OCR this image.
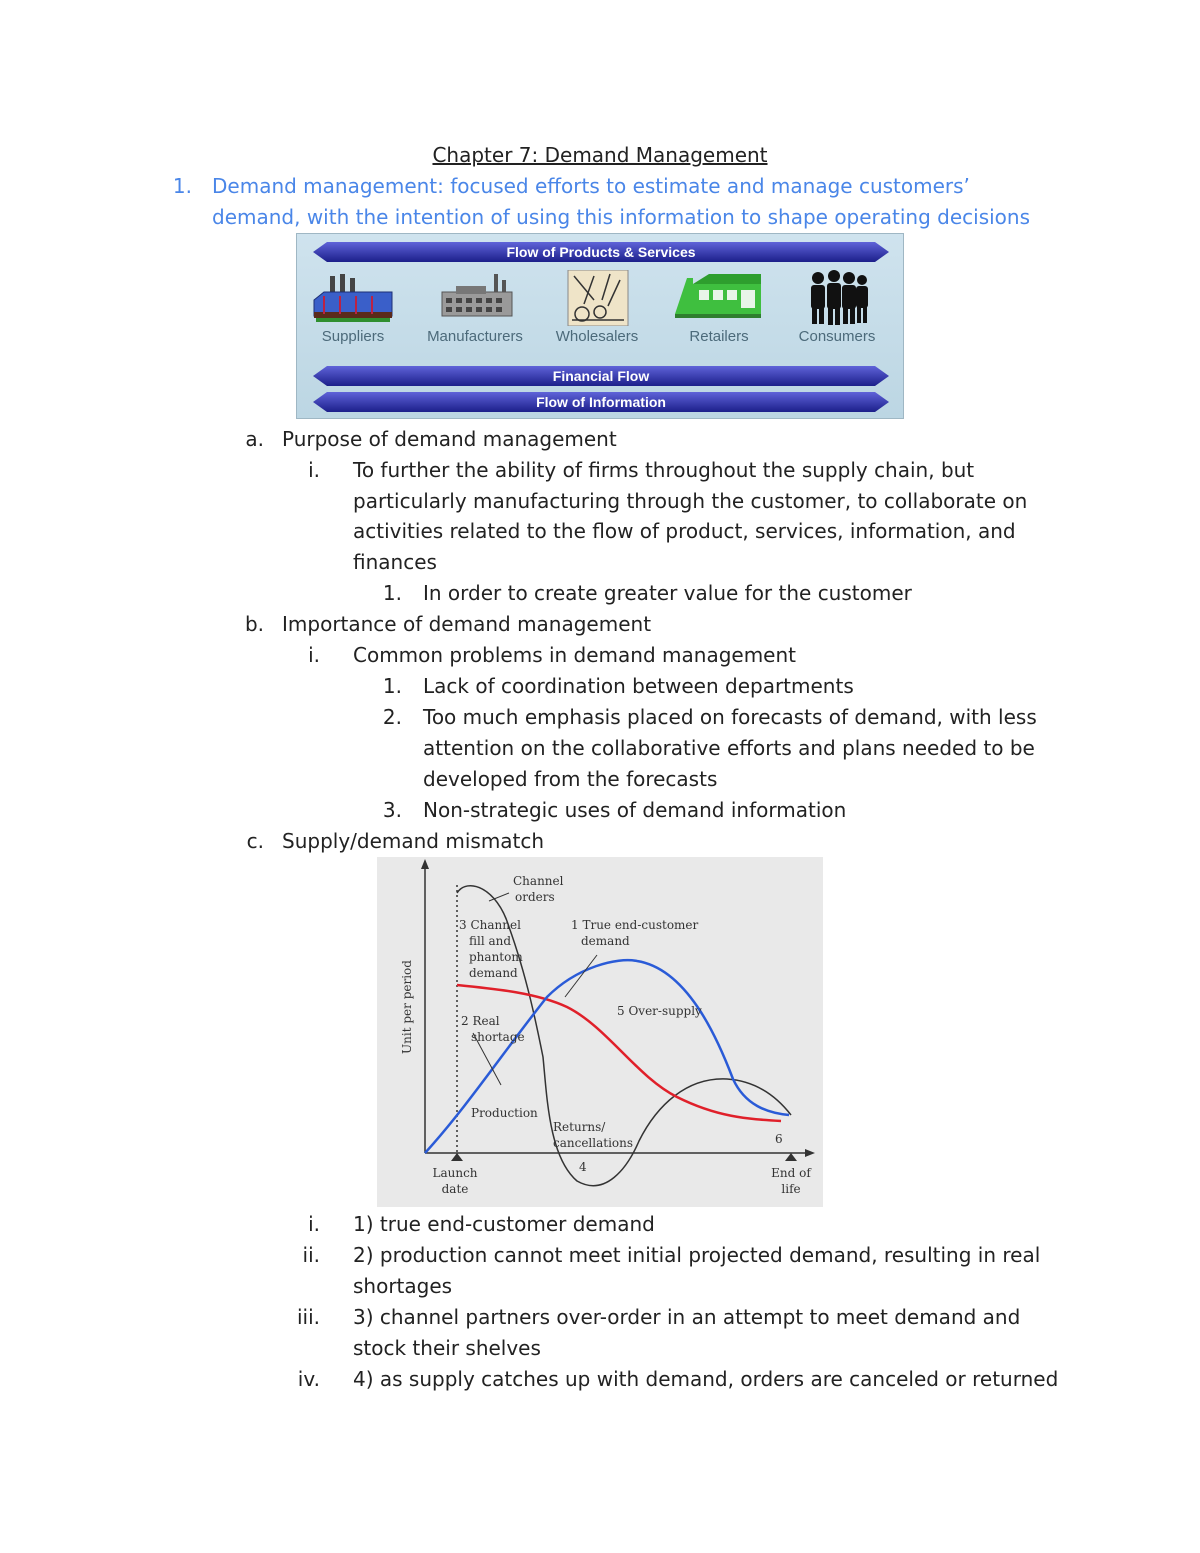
Chapter 7: Demand Management
1. Demand management: focused efforts to estimate and manage customers’
demand, with the intention of using this information to shape operating decisions
Flow of Products & Services
Financial Flow
Flow of Information
Suppliers	Manufacturers	Wholesalers	Retailers	Consumers
a. Purpose of demand management
i. To further the ability of firms throughout the supply chain, but
particularly manufacturing through the customer, to collaborate on
activities related to the flow of product, services, information, and
finances
1. In order to create greater value for the customer
b. Importance of demand management
i. Common problems in demand management
1. Lack of coordination between departments
2. Too much emphasis placed on forecasts of demand, with less
attention on the collaborative efforts and plans needed to be
developed from the forecasts
3. Non-strategic uses of demand information
c. Supply/demand mismatch
Unit per period
Channel
orders
3 Channel
fill and
phantom
demand
1 True end-customer
demand
2 Real
shortage
5 Over-supply
Production
Returns/
cancellations
4
6
Launch
date
End of
life
i. 1) true end-customer demand
ii. 2) production cannot meet initial projected demand, resulting in real
shortages
iii. 3) channel partners over-order in an attempt to meet demand and
stock their shelves
iv. 4) as supply catches up with demand, orders are canceled or returned
